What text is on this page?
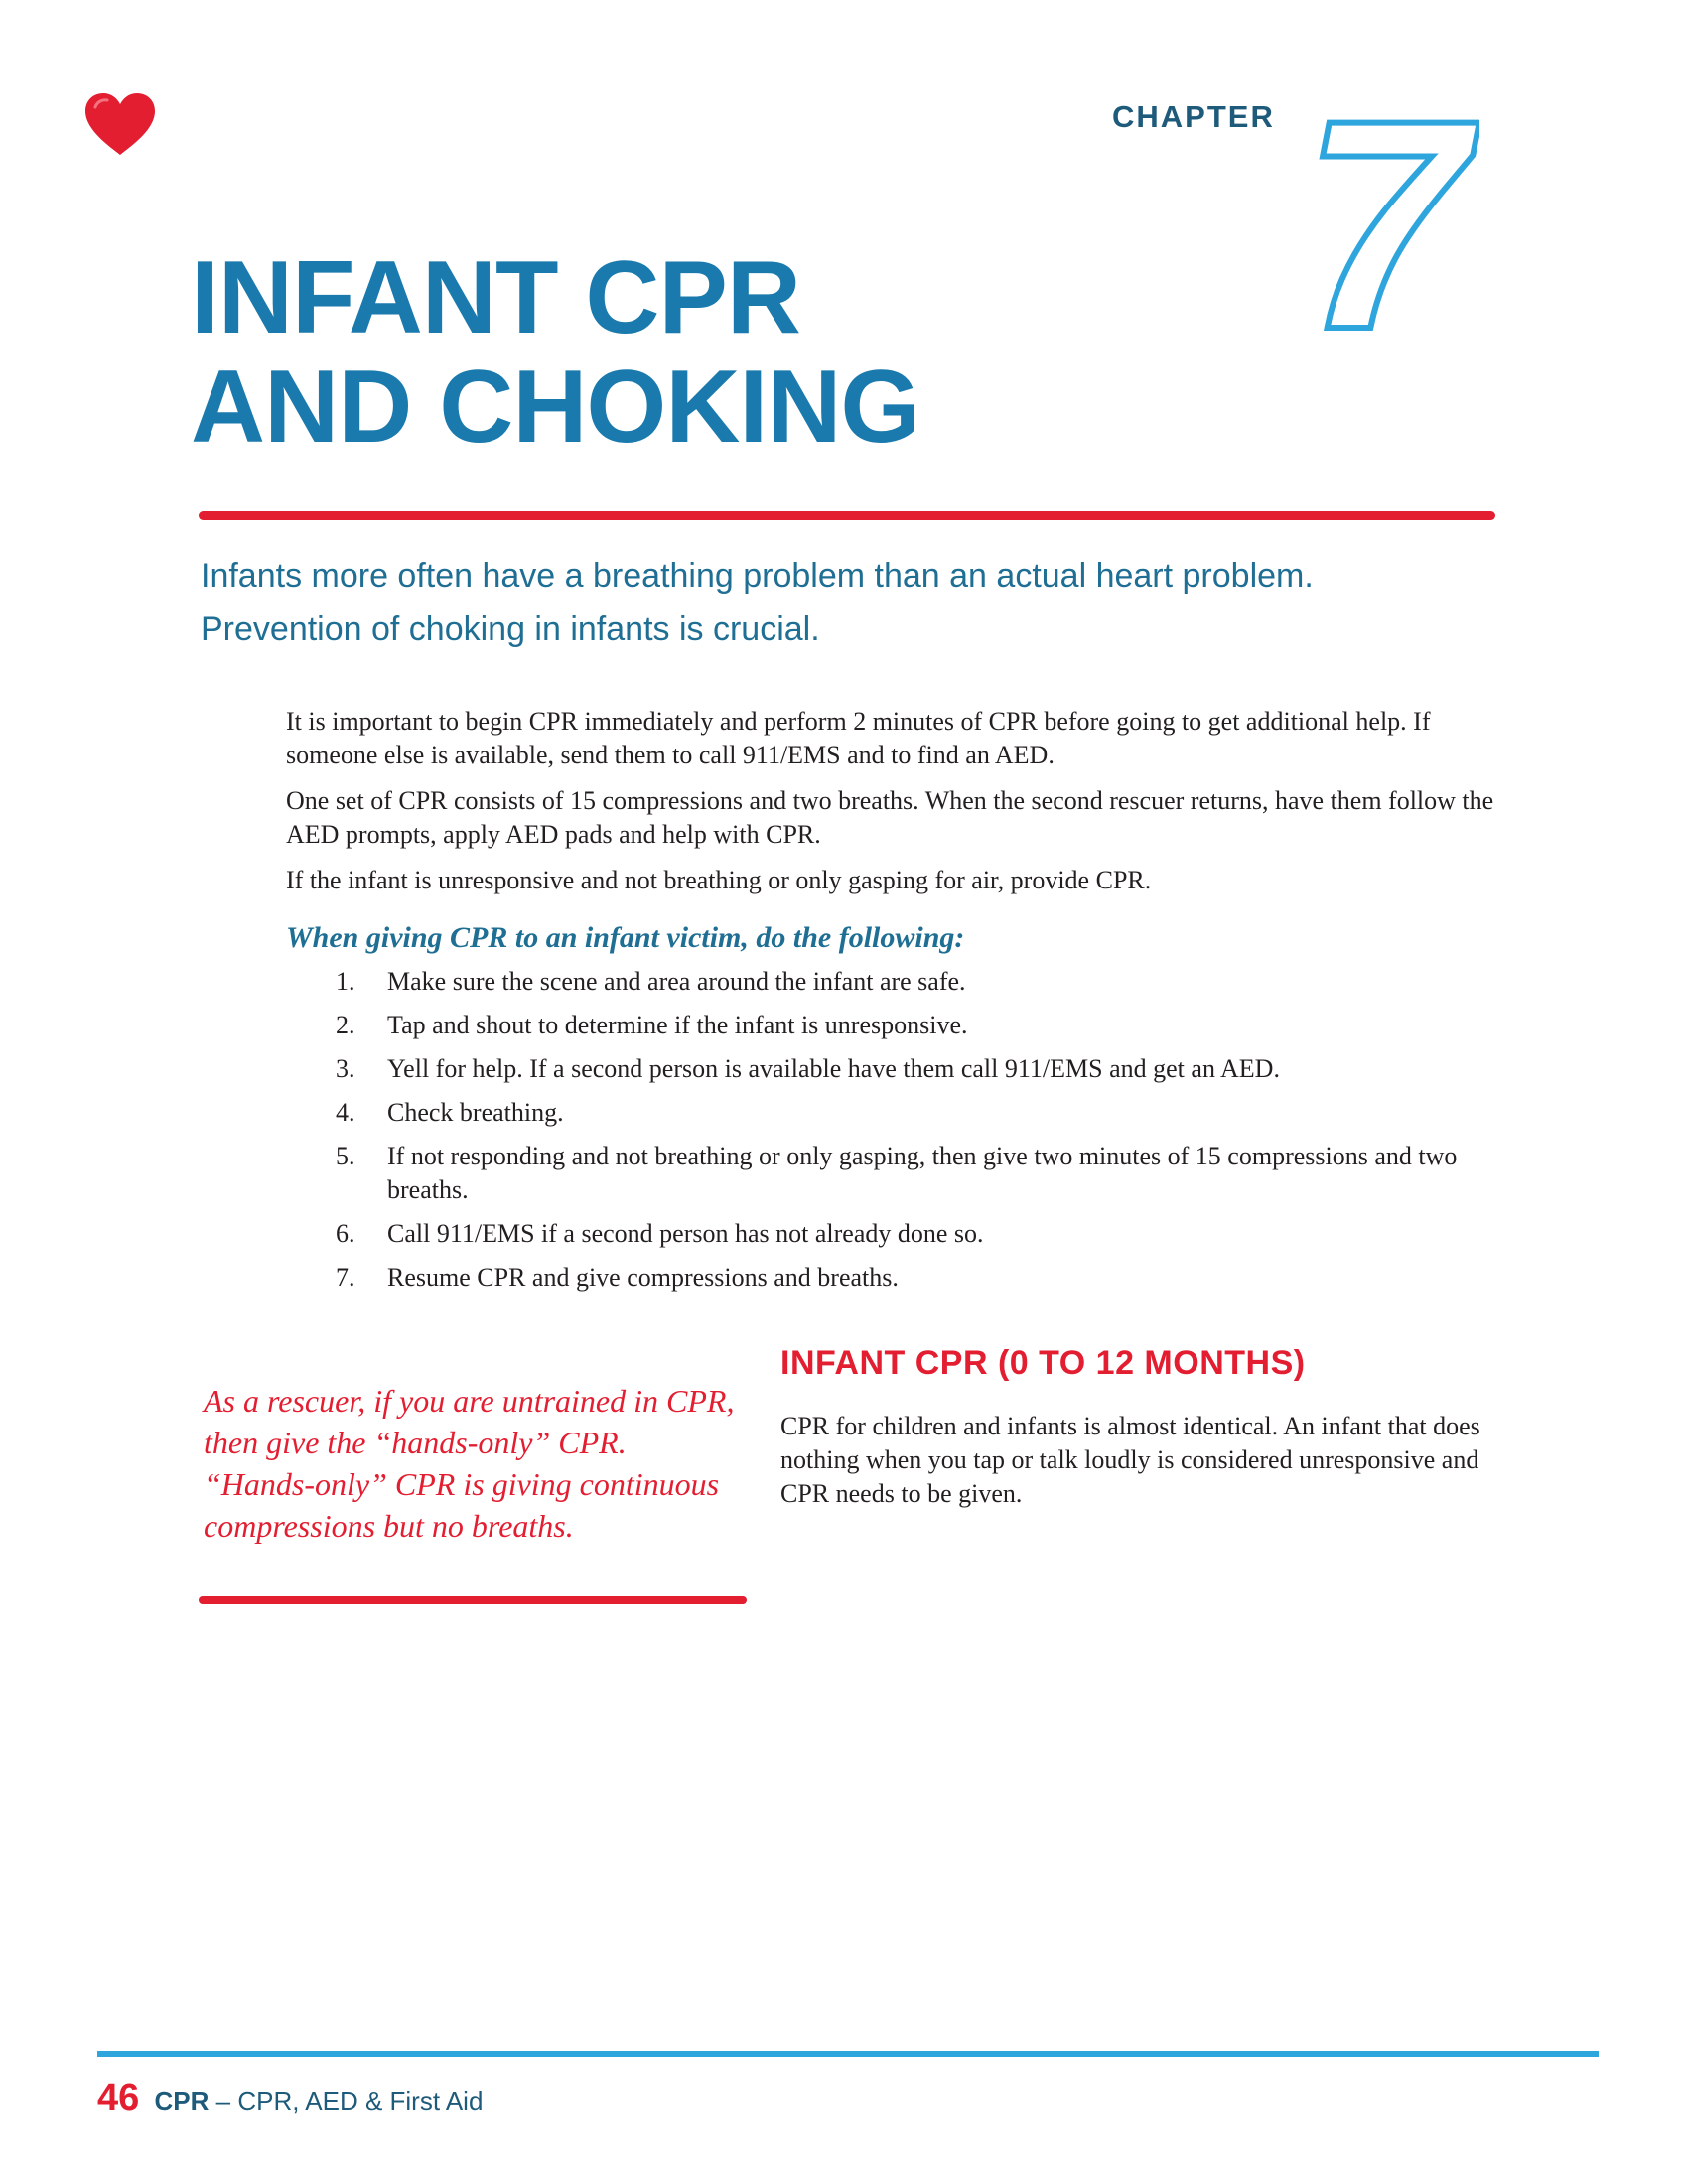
CHAPTER 7
INFANT CPR
AND CHOKING
Infants more often have a breathing problem than an actual heart problem.
Prevention of choking in infants is crucial.

It is important to begin CPR immediately and perform 2 minutes of CPR before going to get additional help. If someone else is available, send them to call 911/EMS and to find an AED.

One set of CPR consists of 15 compressions and two breaths. When the second rescuer returns, have them follow the AED prompts, apply AED pads and help with CPR.

If the infant is unresponsive and not breathing or only gasping for air, provide CPR.

When giving CPR to an infant victim, do the following:
1.	Make sure the scene and area around the infant are safe.
2.	Tap and shout to determine if the infant is unresponsive.
3.	Yell for help. If a second person is available have them call 911/EMS and get an AED.
4.	Check breathing.
5.	If not responding and not breathing or only gasping, then give two minutes of 15 compressions and two breaths.
6.	Call 911/EMS if a second person has not already done so.
7.	Resume CPR and give compressions and breaths.
As a rescuer, if you are untrained in CPR, then give the “hands-only” CPR. “Hands-only” CPR is giving continuous compressions but no breaths.
INFANT CPR (0 TO 12 MONTHS)
CPR for children and infants is almost identical. An infant that does nothing when you tap or talk loudly is considered unresponsive and CPR needs to be given.
46 CPR – CPR, AED & First Aid
